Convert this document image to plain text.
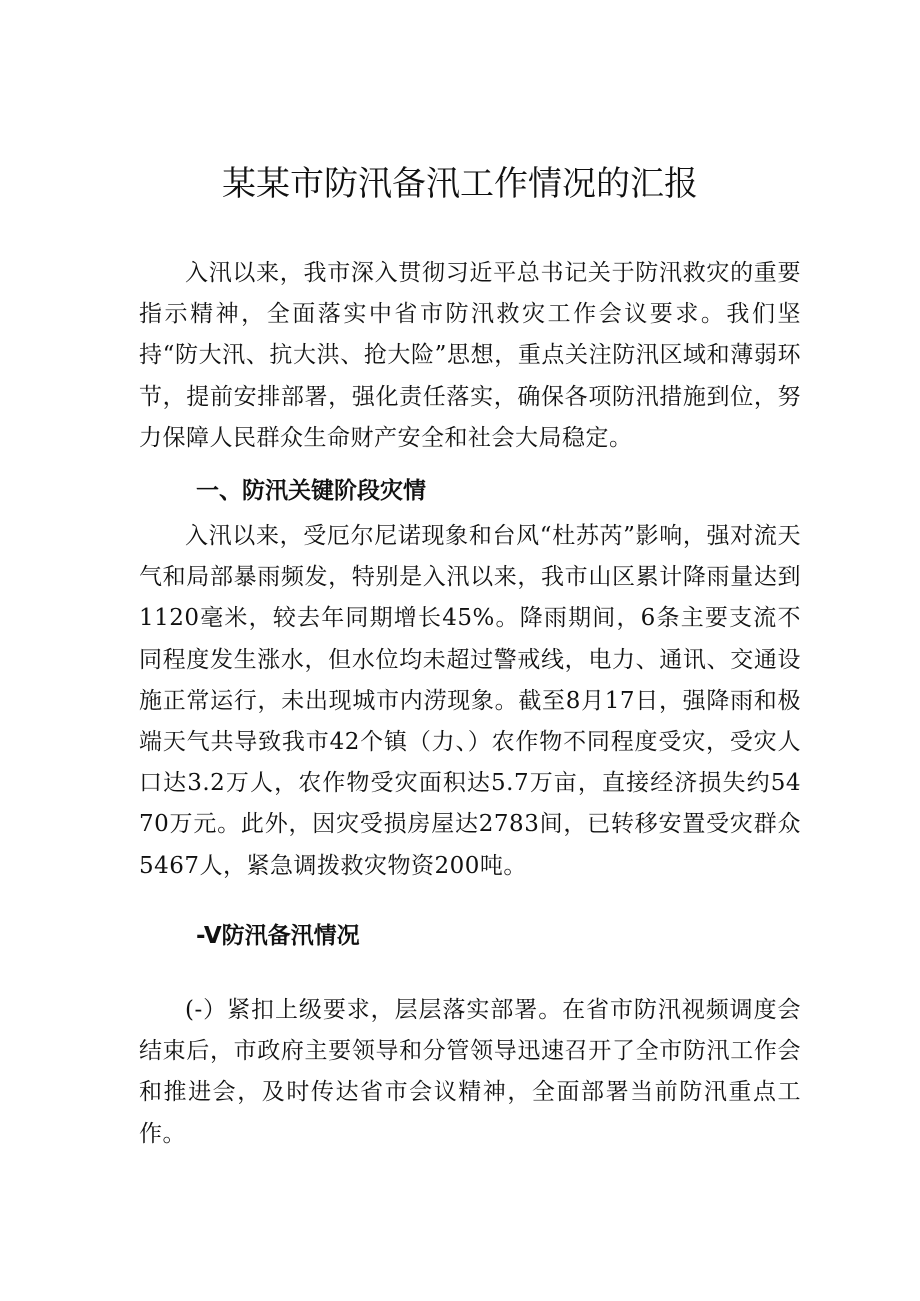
某某市防汛备汛工作情况的汇报

入汛以来，我市深入贯彻习近平总书记关于防汛救灾的重要指示精神，全面落实中省市防汛救灾工作会议要求。我们坚持“防大汛、抗大洪、抢大险”思想，重点关注防汛区域和薄弱环节，提前安排部署，强化责任落实，确保各项防汛措施到位，努力保障人民群众生命财产安全和社会大局稳定。

一、防汛关键阶段灾情

入汛以来，受厄尔尼诺现象和台风“杜苏芮”影响，强对流天气和局部暴雨频发，特别是入汛以来，我市山区累计降雨量达到1120毫米，较去年同期增长45%。降雨期间，6条主要支流不同程度发生涨水，但水位均未超过警戒线，电力、通讯、交通设施正常运行，未出现城市内涝现象。截至8月17日，强降雨和极端天气共导致我市42个镇（力、）农作物不同程度受灾，受灾人口达3.2万人，农作物受灾面积达5.7万亩，直接经济损失约5470万元。此外，因灾受损房屋达2783间，已转移安置受灾群众5467人，紧急调拨救灾物资200吨。

-V防汛备汛情况

(-）紧扣上级要求，层层落实部署。在省市防汛视频调度会结束后，市政府主要领导和分管领导迅速召开了全市防汛工作会和推进会，及时传达省市会议精神，全面部署当前防汛重点工作。
